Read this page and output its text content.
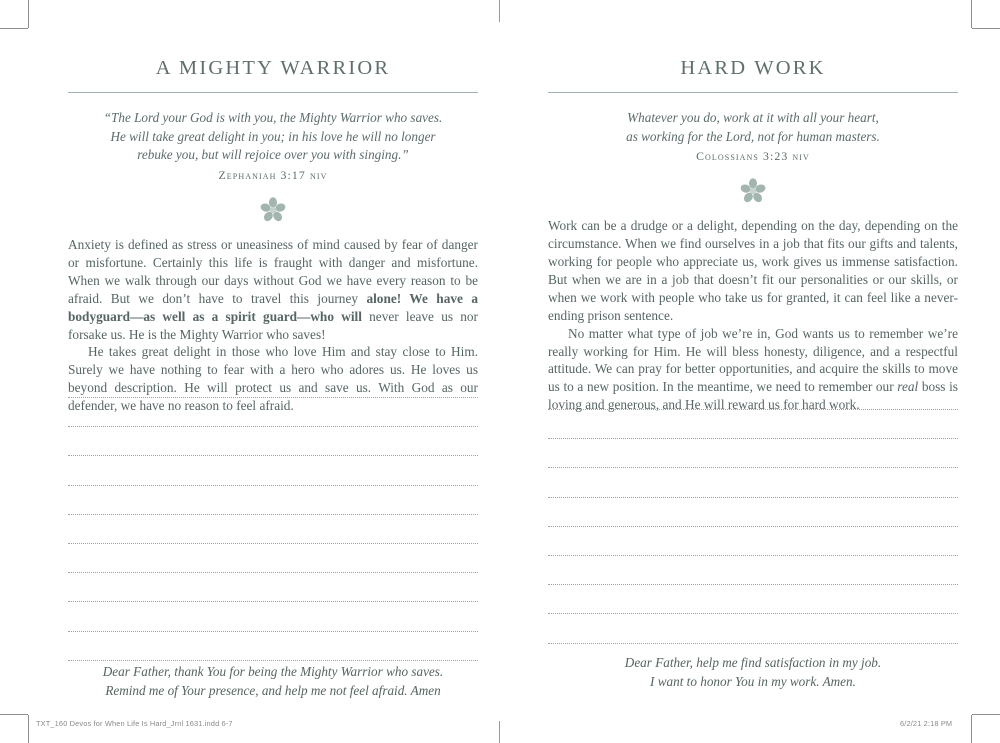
A MIGHTY WARRIOR
“The Lord your God is with you, the Mighty Warrior who saves.
He will take great delight in you; in his love he will no longer
rebuke you, but will rejoice over you with singing.”
Zephaniah 3:17 niv

Anxiety is defined as stress or uneasiness of mind caused by fear of danger or misfortune. Certainly this life is fraught with danger and misfortune. When we walk through our days without God we have every reason to be afraid. But we don’t have to travel this journey alone! We have a bodyguard—as well as a spirit guard—who will never leave us nor forsake us. He is the Mighty Warrior who saves!

He takes great delight in those who love Him and stay close to Him. Surely we have nothing to fear with a hero who adores us. He loves us beyond description. He will protect us and save us. With God as our defender, we have no reason to feel afraid.

Dear Father, thank You for being the Mighty Warrior who saves.
Remind me of Your presence, and help me not feel afraid. Amen
HARD WORK
Whatever you do, work at it with all your heart,
as working for the Lord, not for human masters.
Colossians 3:23 niv

Work can be a drudge or a delight, depending on the day, depending on the circumstance. When we find ourselves in a job that fits our gifts and talents, working for people who appreciate us, work gives us immense satisfaction. But when we are in a job that doesn’t fit our personalities or our skills, or when we work with people who take us for granted, it can feel like a never-ending prison sentence.

No matter what type of job we’re in, God wants us to remember we’re really working for Him. He will bless honesty, diligence, and a respectful attitude. We can pray for better opportunities, and acquire the skills to move us to a new position. In the meantime, we need to remember our real boss is loving and generous, and He will reward us for hard work.

Dear Father, help me find satisfaction in my job.
I want to honor You in my work. Amen.
TXT_160 Devos for When Life Is Hard_Jrnl 1631.indd 6-7	6/2/21 2:18 PM
